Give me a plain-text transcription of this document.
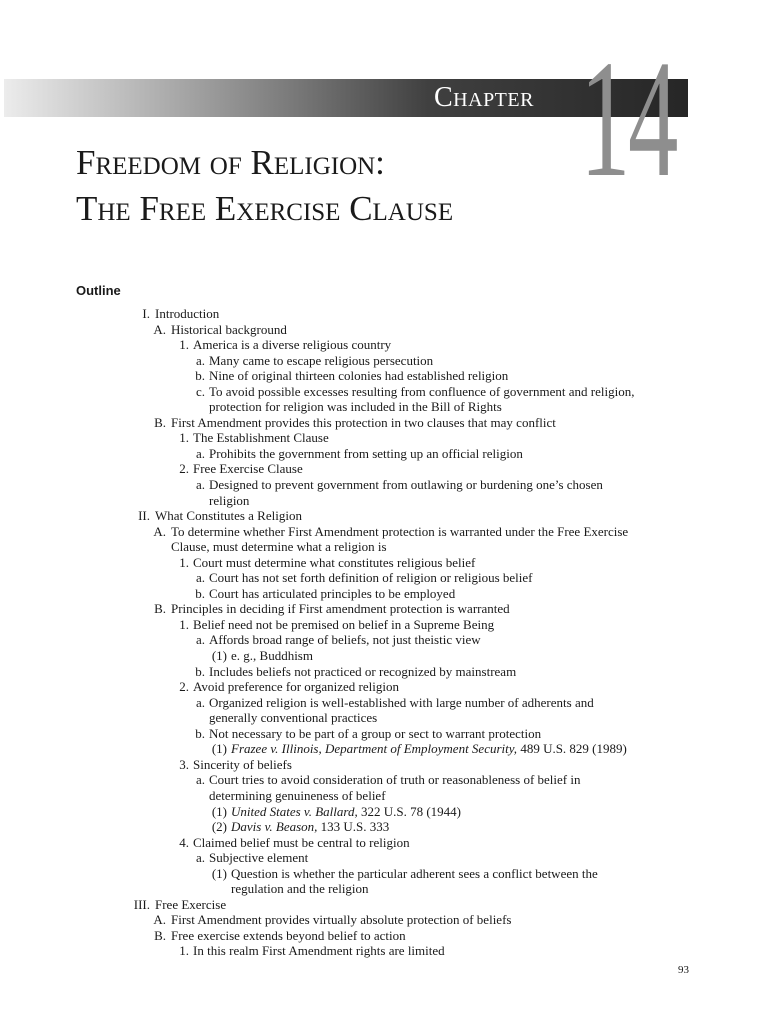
Chapter 14
Freedom of Religion:
The Free Exercise Clause
Outline
I. Introduction
A. Historical background
1. America is a diverse religious country
a. Many came to escape religious persecution
b. Nine of original thirteen colonies had established religion
c. To avoid possible excesses resulting from confluence of government and religion,
protection for religion was included in the Bill of Rights
B. First Amendment provides this protection in two clauses that may conflict
1. The Establishment Clause
a. Prohibits the government from setting up an official religion
2. Free Exercise Clause
a. Designed to prevent government from outlawing or burdening one’s chosen
religion
II. What Constitutes a Religion
A. To determine whether First Amendment protection is warranted under the Free Exercise
Clause, must determine what a religion is
1. Court must determine what constitutes religious belief
a. Court has not set forth definition of religion or religious belief
b. Court has articulated principles to be employed
B. Principles in deciding if First amendment protection is warranted
1. Belief need not be premised on belief in a Supreme Being
a. Affords broad range of beliefs, not just theistic view
(1) e. g., Buddhism
b. Includes beliefs not practiced or recognized by mainstream
2. Avoid preference for organized religion
a. Organized religion is well-established with large number of adherents and
generally conventional practices
b. Not necessary to be part of a group or sect to warrant protection
(1) Frazee v. Illinois, Department of Employment Security, 489 U.S. 829 (1989)
3. Sincerity of beliefs
a. Court tries to avoid consideration of truth or reasonableness of belief in
determining genuineness of belief
(1) United States v. Ballard, 322 U.S. 78 (1944)
(2) Davis v. Beason, 133 U.S. 333
4. Claimed belief must be central to religion
a. Subjective element
(1) Question is whether the particular adherent sees a conflict between the
regulation and the religion
III. Free Exercise
A. First Amendment provides virtually absolute protection of beliefs
B. Free exercise extends beyond belief to action
1. In this realm First Amendment rights are limited
93
